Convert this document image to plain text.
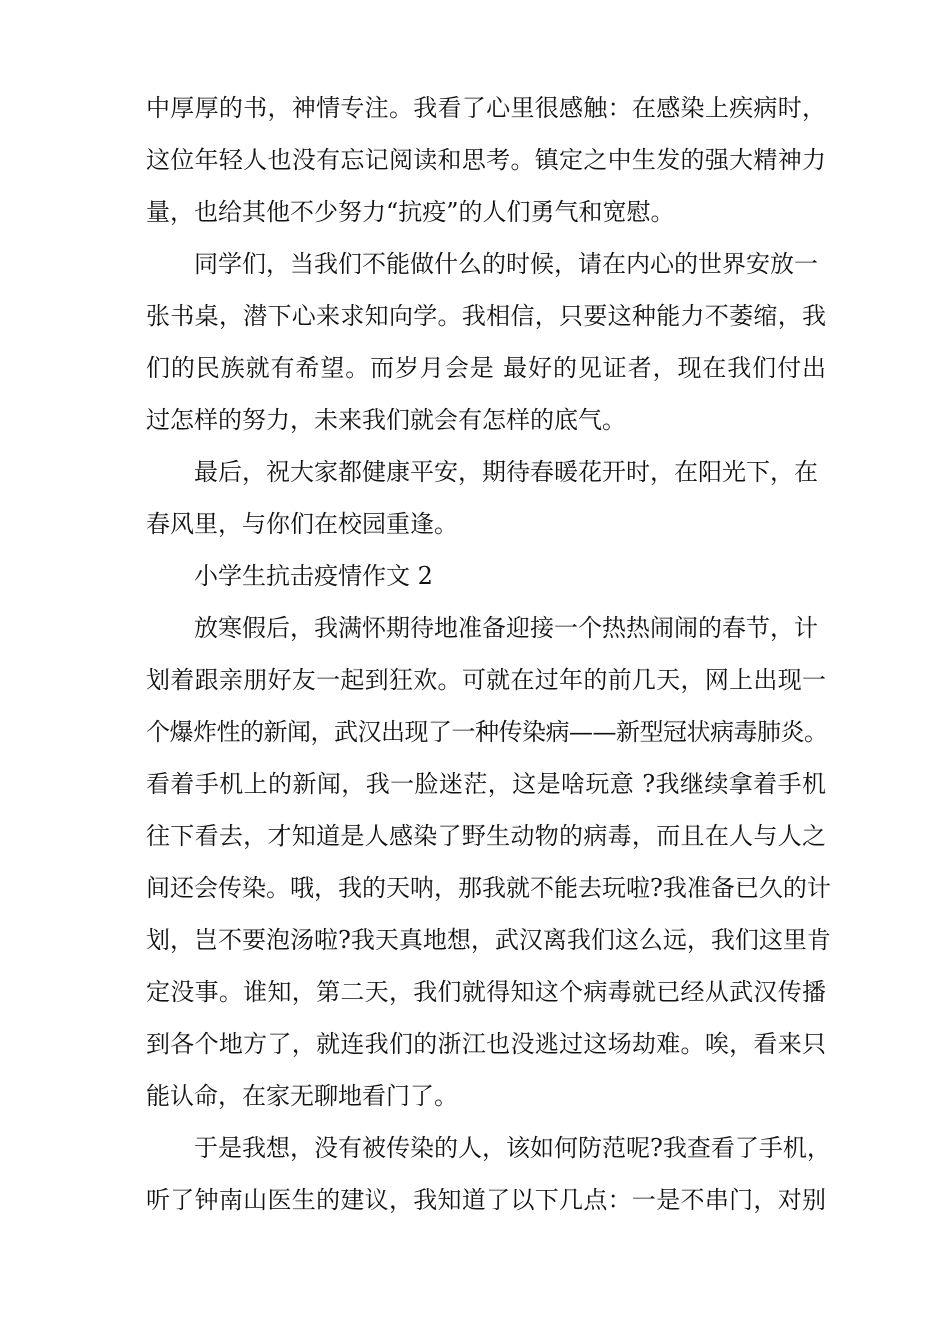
中厚厚的书，神情专注。我看了心里很感触：在感染上疾病时，
这位年轻人也没有忘记阅读和思考。镇定之中生发的强大精神力
量，也给其他不少努力“抗疫”的人们勇气和宽慰。
同学们，当我们不能做什么的时候，请在内心的世界安放一
张书桌，潜下心来求知向学。我相信，只要这种能力不萎缩，我
们的民族就有希望。而岁月会是 最好的见证者，现在我们付出
过怎样的努力，未来我们就会有怎样的底气。
最后，祝大家都健康平安，期待春暖花开时，在阳光下，在
春风里，与你们在校园重逢。
小学生抗击疫情作文 2
放寒假后，我满怀期待地准备迎接一个热热闹闹的春节，计
划着跟亲朋好友一起到狂欢。可就在过年的前几天，网上出现一
个爆炸性的新闻，武汉出现了一种传染病——新型冠状病毒肺炎。
看着手机上的新闻，我一脸迷茫，这是啥玩意 ?我继续拿着手机
往下看去，才知道是人感染了野生动物的病毒，而且在人与人之
间还会传染。哦，我的天呐，那我就不能去玩啦?我准备已久的计
划，岂不要泡汤啦?我天真地想，武汉离我们这么远，我们这里肯
定没事。谁知，第二天，我们就得知这个病毒就已经从武汉传播
到各个地方了，就连我们的浙江也没逃过这场劫难。唉，看来只
能认命，在家无聊地看门了。
于是我想，没有被传染的人，该如何防范呢?我查看了手机，
听了钟南山医生的建议，我知道了以下几点：一是不串门，对别
